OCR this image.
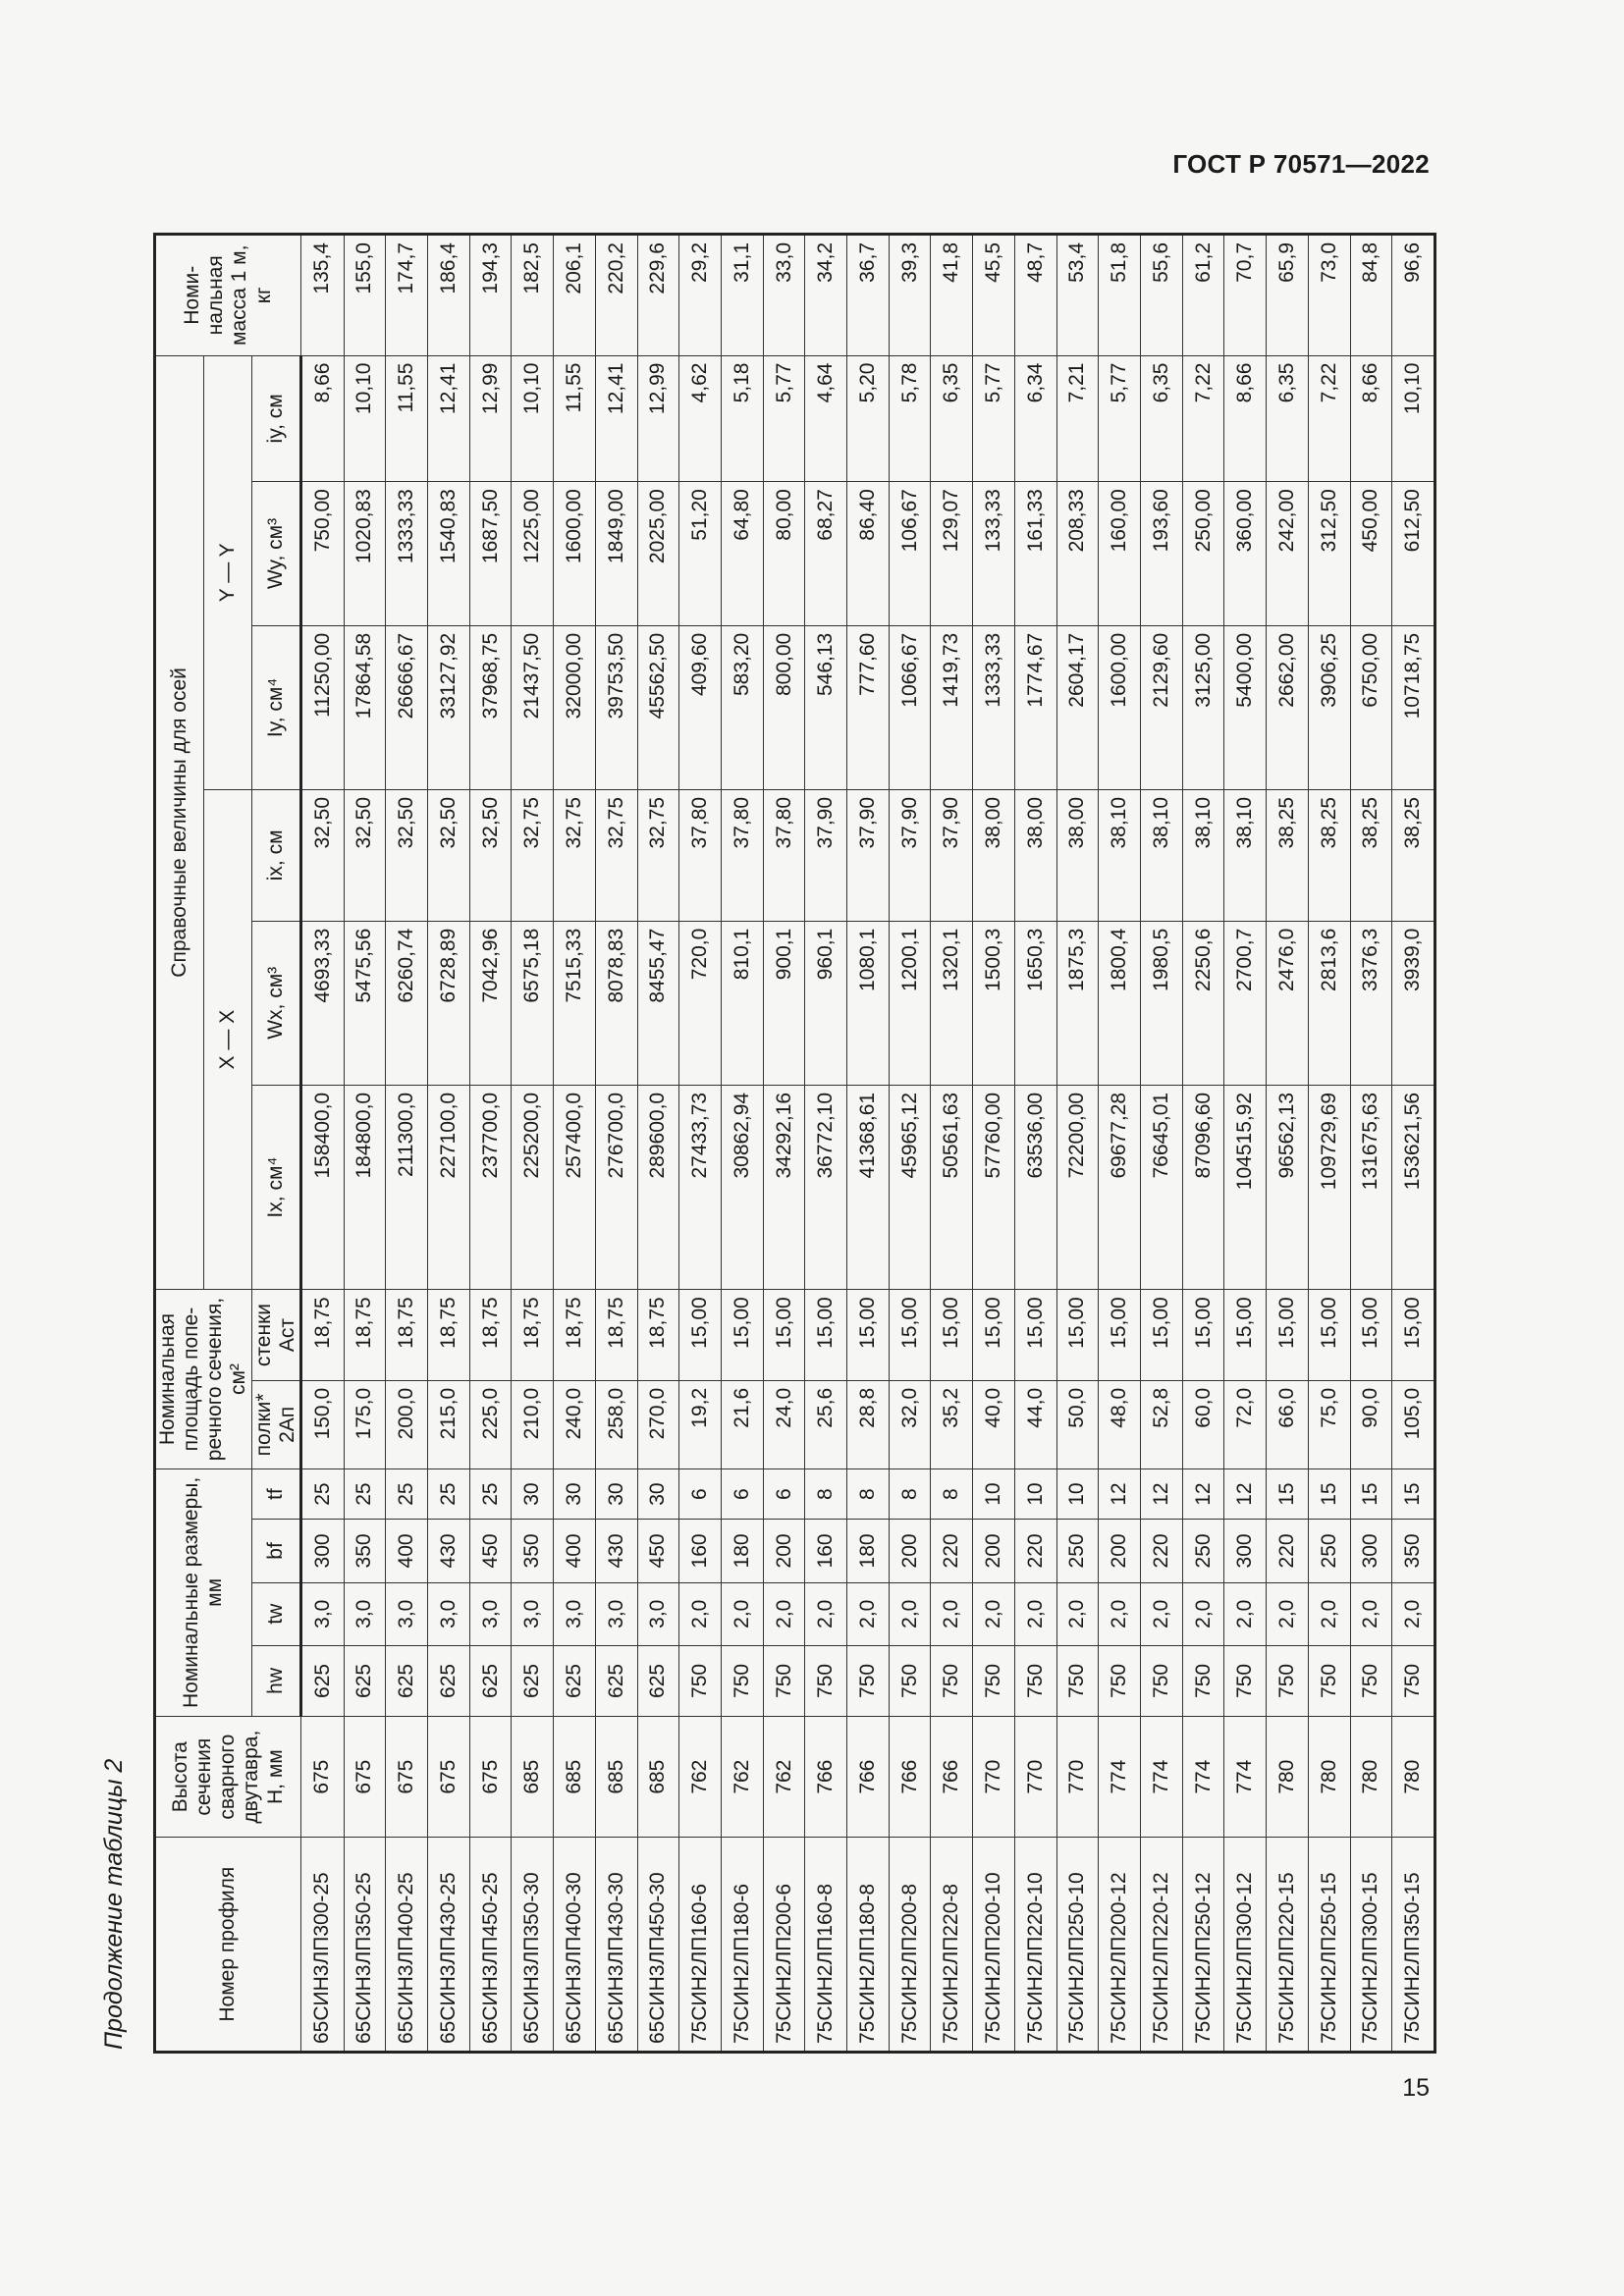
ГОСТ Р 70571—2022
Продолжение таблицы 2	Номер профиля	Высота сечения сварного двутавра, H, мм	Номинальные размеры, мм				Номинальная площадь попе-речного сечения, см²		Справочные величины для осей						Номи-нальная масса 1 м, кг
								X — X			Y — Y			
		hw	tw	bf	tf	полки* 2Aп	стенки Aст	Ix, см⁴	Wx, см³	ix, см	Iy, см⁴	Wy, см³	iy, см	
65СИН3ЛП300-25	675	625	3,0	300	25	150,0	18,75	158400,0	4693,33	32,50	11250,00	750,00	8,66	135,4
65СИН3ЛП350-25	675	625	3,0	350	25	175,0	18,75	184800,0	5475,56	32,50	17864,58	1020,83	10,10	155,0
65СИН3ЛП400-25	675	625	3,0	400	25	200,0	18,75	211300,0	6260,74	32,50	26666,67	1333,33	11,55	174,7
65СИН3ЛП430-25	675	625	3,0	430	25	215,0	18,75	227100,0	6728,89	32,50	33127,92	1540,83	12,41	186,4
65СИН3ЛП450-25	675	625	3,0	450	25	225,0	18,75	237700,0	7042,96	32,50	37968,75	1687,50	12,99	194,3
65СИН3ЛП350-30	685	625	3,0	350	30	210,0	18,75	225200,0	6575,18	32,75	21437,50	1225,00	10,10	182,5
65СИН3ЛП400-30	685	625	3,0	400	30	240,0	18,75	257400,0	7515,33	32,75	32000,00	1600,00	11,55	206,1
65СИН3ЛП430-30	685	625	3,0	430	30	258,0	18,75	276700,0	8078,83	32,75	39753,50	1849,00	12,41	220,2
65СИН3ЛП450-30	685	625	3,0	450	30	270,0	18,75	289600,0	8455,47	32,75	45562,50	2025,00	12,99	229,6
75СИН2ЛП160-6	762	750	2,0	160	6	19,2	15,00	27433,73	720,0	37,80	409,60	51,20	4,62	29,2
75СИН2ЛП180-6	762	750	2,0	180	6	21,6	15,00	30862,94	810,1	37,80	583,20	64,80	5,18	31,1
75СИН2ЛП200-6	762	750	2,0	200	6	24,0	15,00	34292,16	900,1	37,80	800,00	80,00	5,77	33,0
75СИН2ЛП160-8	766	750	2,0	160	8	25,6	15,00	36772,10	960,1	37,90	546,13	68,27	4,64	34,2
75СИН2ЛП180-8	766	750	2,0	180	8	28,8	15,00	41368,61	1080,1	37,90	777,60	86,40	5,20	36,7
75СИН2ЛП200-8	766	750	2,0	200	8	32,0	15,00	45965,12	1200,1	37,90	1066,67	106,67	5,78	39,3
75СИН2ЛП220-8	766	750	2,0	220	8	35,2	15,00	50561,63	1320,1	37,90	1419,73	129,07	6,35	41,8
75СИН2ЛП200-10	770	750	2,0	200	10	40,0	15,00	57760,00	1500,3	38,00	1333,33	133,33	5,77	45,5
75СИН2ЛП220-10	770	750	2,0	220	10	44,0	15,00	63536,00	1650,3	38,00	1774,67	161,33	6,34	48,7
75СИН2ЛП250-10	770	750	2,0	250	10	50,0	15,00	72200,00	1875,3	38,00	2604,17	208,33	7,21	53,4
75СИН2ЛП200-12	774	750	2,0	200	12	48,0	15,00	69677,28	1800,4	38,10	1600,00	160,00	5,77	51,8
75СИН2ЛП220-12	774	750	2,0	220	12	52,8	15,00	76645,01	1980,5	38,10	2129,60	193,60	6,35	55,6
75СИН2ЛП250-12	774	750	2,0	250	12	60,0	15,00	87096,60	2250,6	38,10	3125,00	250,00	7,22	61,2
75СИН2ЛП300-12	774	750	2,0	300	12	72,0	15,00	104515,92	2700,7	38,10	5400,00	360,00	8,66	70,7
75СИН2ЛП220-15	780	750	2,0	220	15	66,0	15,00	96562,13	2476,0	38,25	2662,00	242,00	6,35	65,9
75СИН2ЛП250-15	780	750	2,0	250	15	75,0	15,00	109729,69	2813,6	38,25	3906,25	312,50	7,22	73,0
75СИН2ЛП300-15	780	750	2,0	300	15	90,0	15,00	131675,63	3376,3	38,25	6750,00	450,00	8,66	84,8
75СИН2ЛП350-15	780	750	2,0	350	15	105,0	15,00	153621,56	3939,0	38,25	10718,75	612,50	10,10	96,6
15
